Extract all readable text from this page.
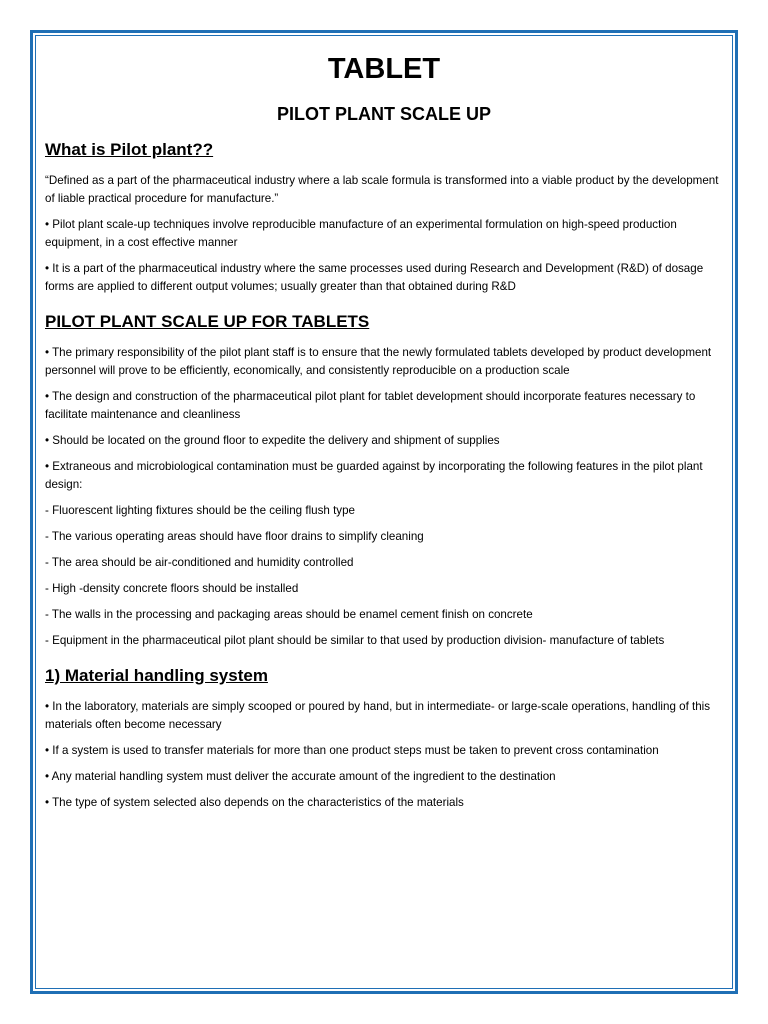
TABLET
PILOT PLANT SCALE UP
What is Pilot plant??

“Defined as a part of the pharmaceutical industry where a lab scale formula is transformed into a viable product by the development of liable practical procedure for manufacture.”

• Pilot plant scale-up techniques involve reproducible manufacture of an experimental formulation on high-speed production equipment, in a cost effective manner

• It is a part of the pharmaceutical industry where the same processes used during Research and Development (R&D) of dosage forms are applied to different output volumes; usually greater than that obtained during R&D

PILOT PLANT SCALE UP FOR TABLETS

• The primary responsibility of the pilot plant staff is to ensure that the newly formulated tablets developed by product development personnel will prove to be efficiently, economically, and consistently reproducible on a production scale

• The design and construction of the pharmaceutical pilot plant for tablet development should incorporate features necessary to facilitate maintenance and cleanliness

• Should be located on the ground floor to expedite the delivery and shipment of supplies

• Extraneous and microbiological contamination must be guarded against by incorporating the following features in the pilot plant design:

- Fluorescent lighting fixtures should be the ceiling flush type

- The various operating areas should have floor drains to simplify cleaning

- The area should be air-conditioned and humidity controlled

- High -density concrete floors should be installed

- The walls in the processing and packaging areas should be enamel cement finish on concrete

- Equipment in the pharmaceutical pilot plant should be similar to that used by production division- manufacture of tablets

1) Material handling system

• In the laboratory, materials are simply scooped or poured by hand, but in intermediate- or large-scale operations, handling of this materials often become necessary

• If a system is used to transfer materials for more than one product steps must be taken to prevent cross contamination

• Any material handling system must deliver the accurate amount of the ingredient to the destination

• The type of system selected also depends on the characteristics of the materials
